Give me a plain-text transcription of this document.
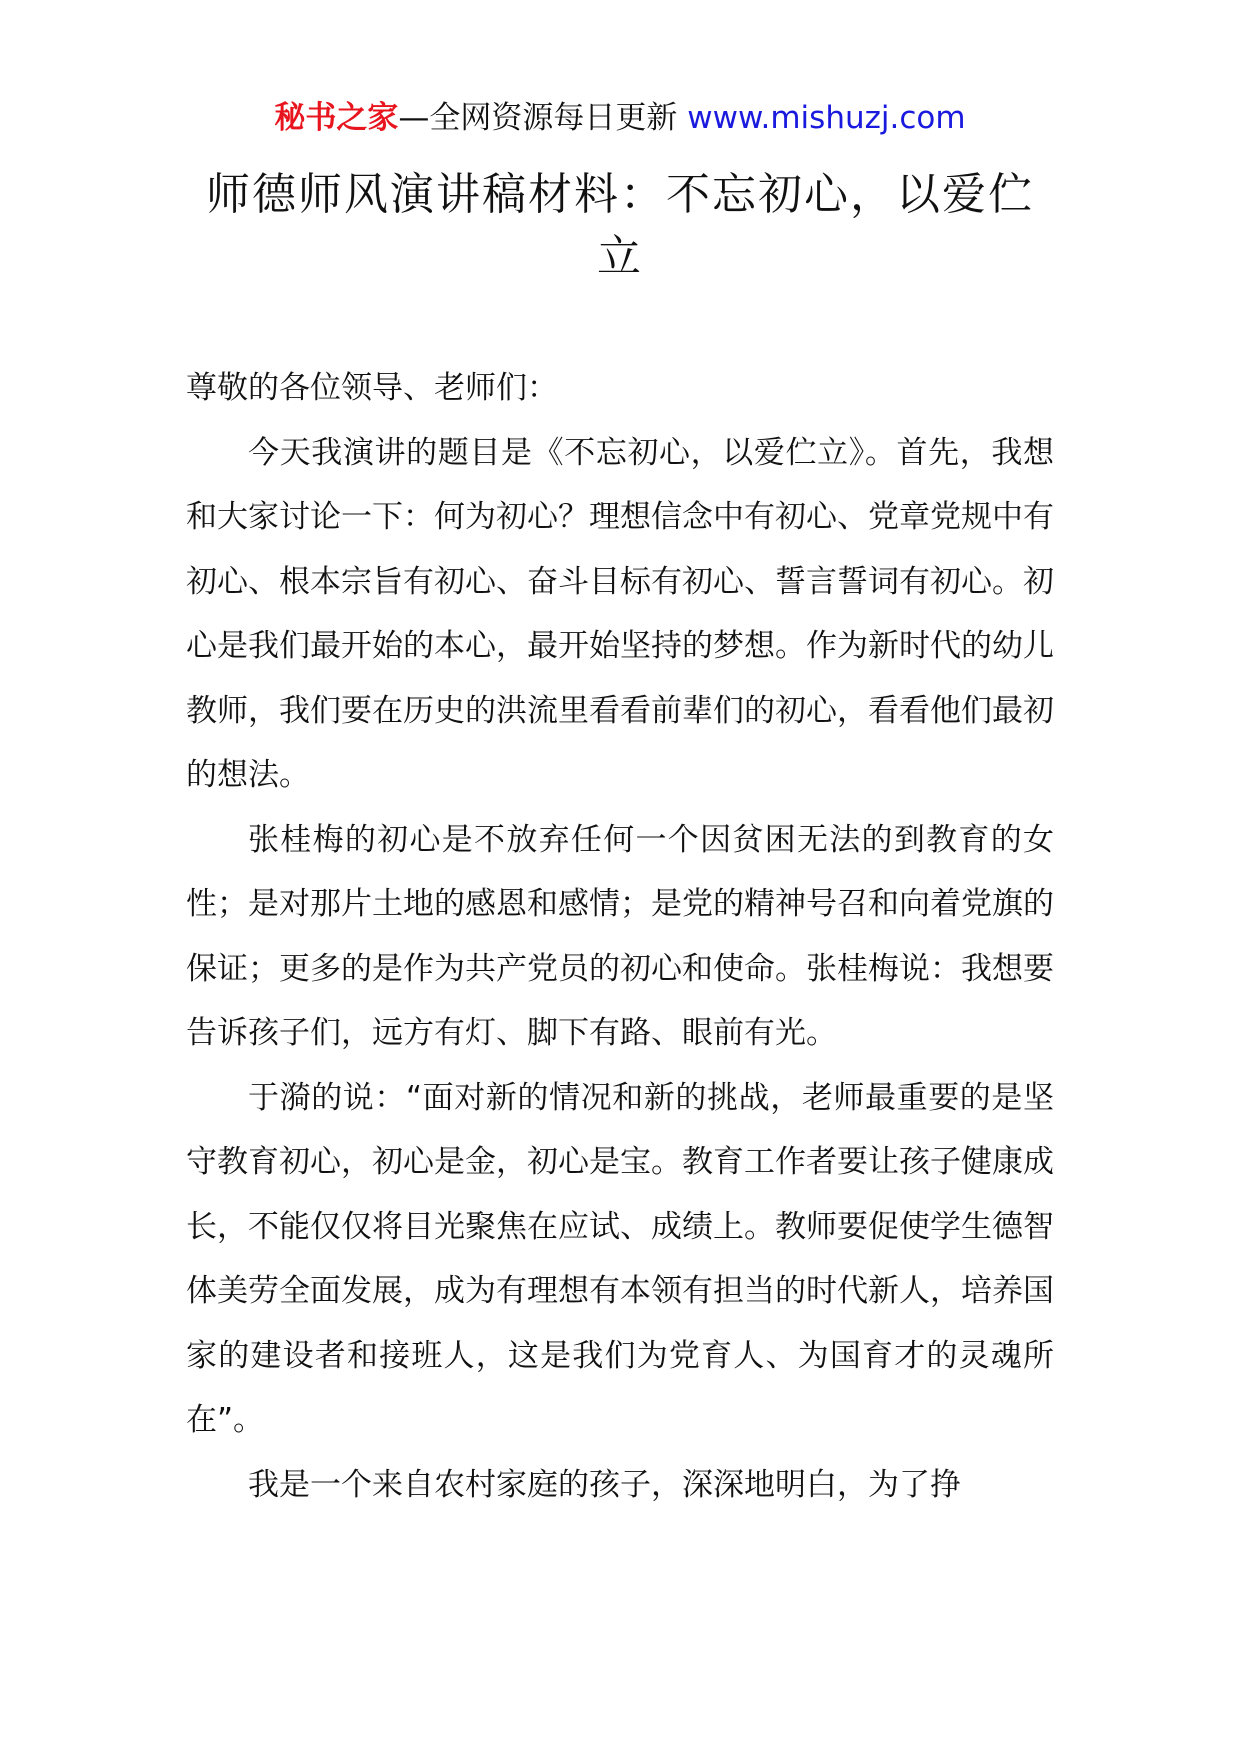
秘书之家—全网资源每日更新 www.mishuzj.com
师德师风演讲稿材料：不忘初心，以爱伫立

尊敬的各位领导、老师们：

今天我演讲的题目是《不忘初心，以爱伫立》。首先，我想和大家讨论一下：何为初心？理想信念中有初心、党章党规中有初心、根本宗旨有初心、奋斗目标有初心、誓言誓词有初心。初心是我们最开始的本心，最开始坚持的梦想。作为新时代的幼儿教师，我们要在历史的洪流里看看前辈们的初心，看看他们最初的想法。

张桂梅的初心是不放弃任何一个因贫困无法的到教育的女性；是对那片土地的感恩和感情；是党的精神号召和向着党旗的保证；更多的是作为共产党员的初心和使命。张桂梅说：我想要告诉孩子们，远方有灯、脚下有路、眼前有光。

于漪的说：“面对新的情况和新的挑战，老师最重要的是坚守教育初心，初心是金，初心是宝。教育工作者要让孩子健康成长，不能仅仅将目光聚焦在应试、成绩上。教师要促使学生德智体美劳全面发展，成为有理想有本领有担当的时代新人，培养国家的建设者和接班人，这是我们为党育人、为国育才的灵魂所在”。

我是一个来自农村家庭的孩子，深深地明白，为了挣
